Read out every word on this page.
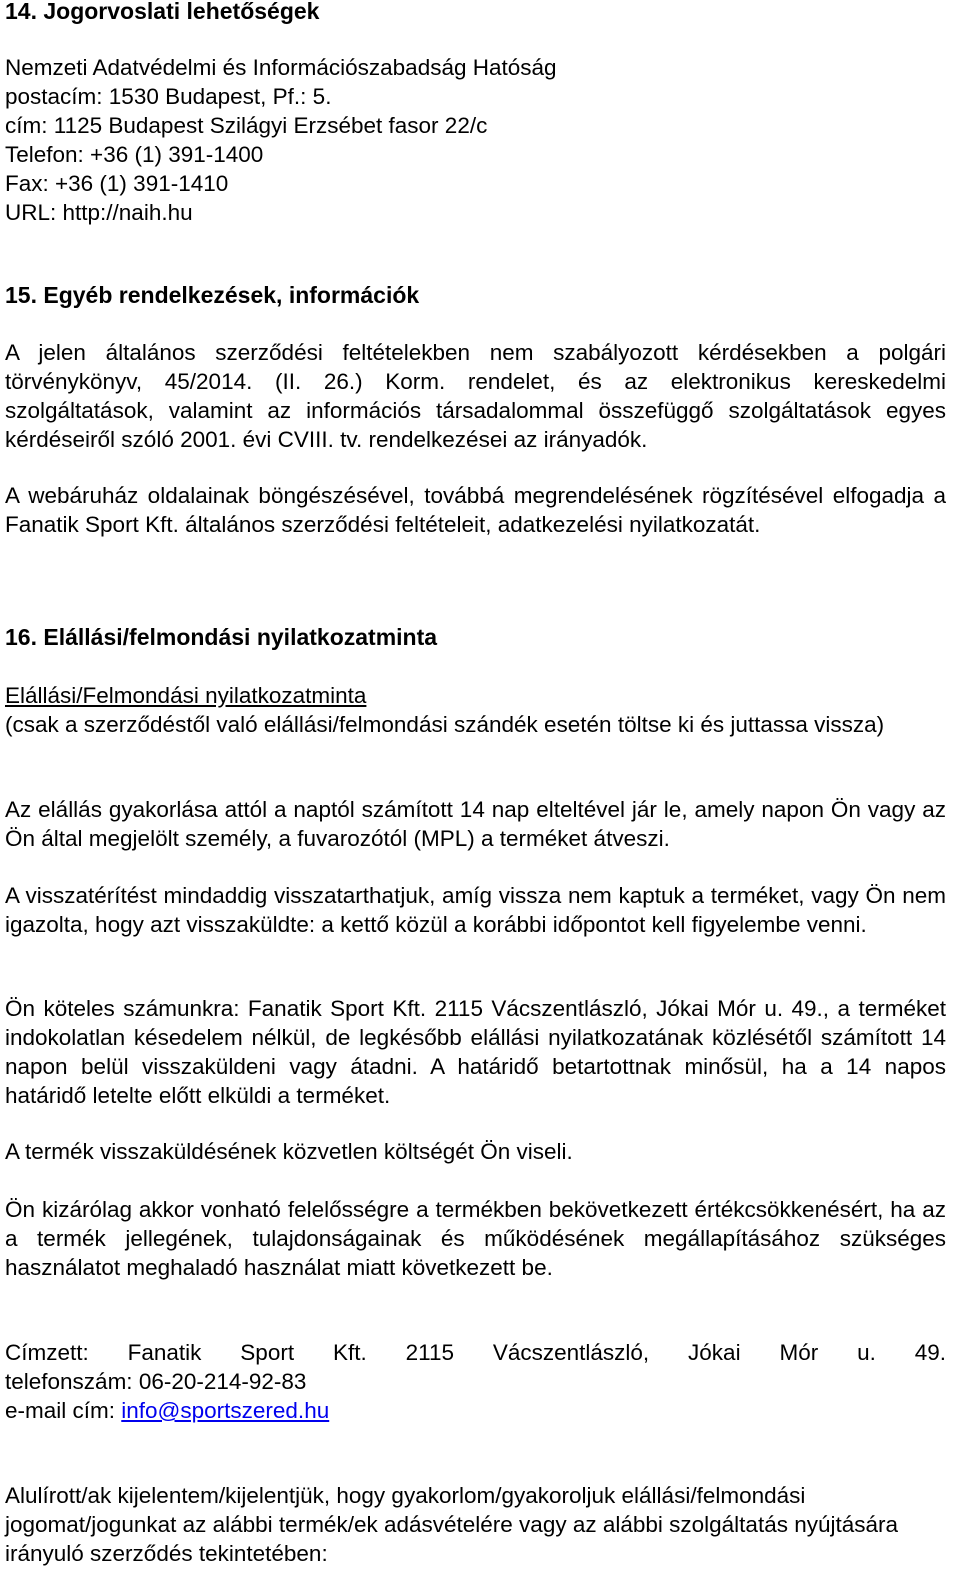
14. Jogorvoslati lehetőségek
Nemzeti Adatvédelmi és Információszabadság Hatóság
postacím: 1530 Budapest, Pf.: 5.
cím: 1125 Budapest Szilágyi Erzsébet fasor 22/c
Telefon: +36 (1) 391-1400
Fax: +36 (1) 391-1410
URL: http://naih.hu
15. Egyéb rendelkezések, információk

A jelen általános szerződési feltételekben nem szabályozott kérdésekben a polgári törvénykönyv, 45/2014. (II. 26.) Korm. rendelet, és az elektronikus kereskedelmi szolgáltatások, valamint az információs társadalommal összefüggő szolgáltatások egyes kérdéseiről szóló 2001. évi CVIII. tv. rendelkezései az irányadók.

A webáruház oldalainak böngészésével, továbbá megrendelésének rögzítésével elfogadja a Fanatik Sport Kft. általános szerződési feltételeit, adatkezelési nyilatkozatát.

16. Elállási/felmondási nyilatkozatminta
Elállási/Felmondási nyilatkozatminta

(csak a szerződéstől való elállási/felmondási szándék esetén töltse ki és juttassa vissza)

Az elállás gyakorlása attól a naptól számított 14 nap elteltével jár le, amely napon Ön vagy az Ön által megjelölt személy, a fuvarozótól (MPL) a terméket átveszi.

A visszatérítést mindaddig visszatarthatjuk, amíg vissza nem kaptuk a terméket, vagy Ön nem igazolta, hogy azt visszaküldte: a kettő közül a korábbi időpontot kell figyelembe venni.

Ön köteles számunkra: Fanatik Sport Kft. 2115 Vácszentlászló, Jókai Mór u. 49., a terméket indokolatlan késedelem nélkül, de legkésőbb elállási nyilatkozatának közlésétől számított 14 napon belül visszaküldeni vagy átadni. A határidő betartottnak minősül, ha a 14 napos határidő letelte előtt elküldi a terméket.

A termék visszaküldésének közvetlen költségét Ön viseli.

Ön kizárólag akkor vonható felelősségre a termékben bekövetkezett értékcsökkenésért, ha az a termék jellegének, tulajdonságainak és működésének megállapításához szükséges használatot meghaladó használat miatt következett be.

Címzett: Fanatik Sport Kft. 2115 Vácszentlászló, Jókai Mór u. 49.
telefonszám: 06-20-214-92-83
e-mail cím: info@sportszered.hu

Alulírott/ak kijelentem/kijelentjük, hogy gyakorlom/gyakoroljuk elállási/felmondási jogomat/jogunkat az alábbi termék/ek adásvételére vagy az alábbi szolgáltatás nyújtására irányuló szerződés tekintetében:
